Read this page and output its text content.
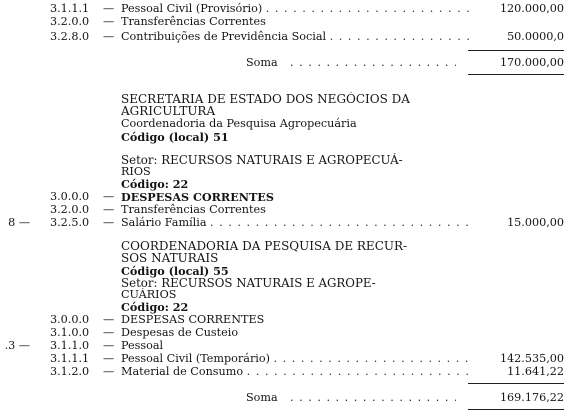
3.1.1.1	— Pessoal Civil (Provisório) . . .	120.000,00
3.2.0.0	— Transferências Correntes
3.2.8.0	— Contribuições de Previdência Social . . .	50.0000,0
Soma . . .	170.000,00
SECRETARIA DE ESTADO DOS NEGÓCIOS DA
AGRICULTURA
Coordenadoria da Pesquisa Agropecuária
Código (local) 51
Setor: RECURSOS NATURAIS E AGROPECUÁ-
RIOS
Código: 22
3.0.0.0	— DESPESAS CORRENTES
3.2.0.0	— Transferências Correntes
8 — 3.2.5.0	— Salário Família . . .	15.000,00
COORDENADORIA DA PESQUISA DE RECUR-
SOS NATURAIS
Código (local) 55
Setor: RECURSOS NATURAIS E AGROPE-
CUÁRIOS
Código: 22
3.0.0.0	— DESPESAS CORRENTES
3.1.0.0	— Despesas de Custeio
.3 — 3.1.1.0	— Pessoal
3.1.1.1	— Pessoal Civil (Temporário) . . .	142.535,00
3.1.2.0	— Material de Consumo . . .	11.641,22
Soma . . .	169.176,22
